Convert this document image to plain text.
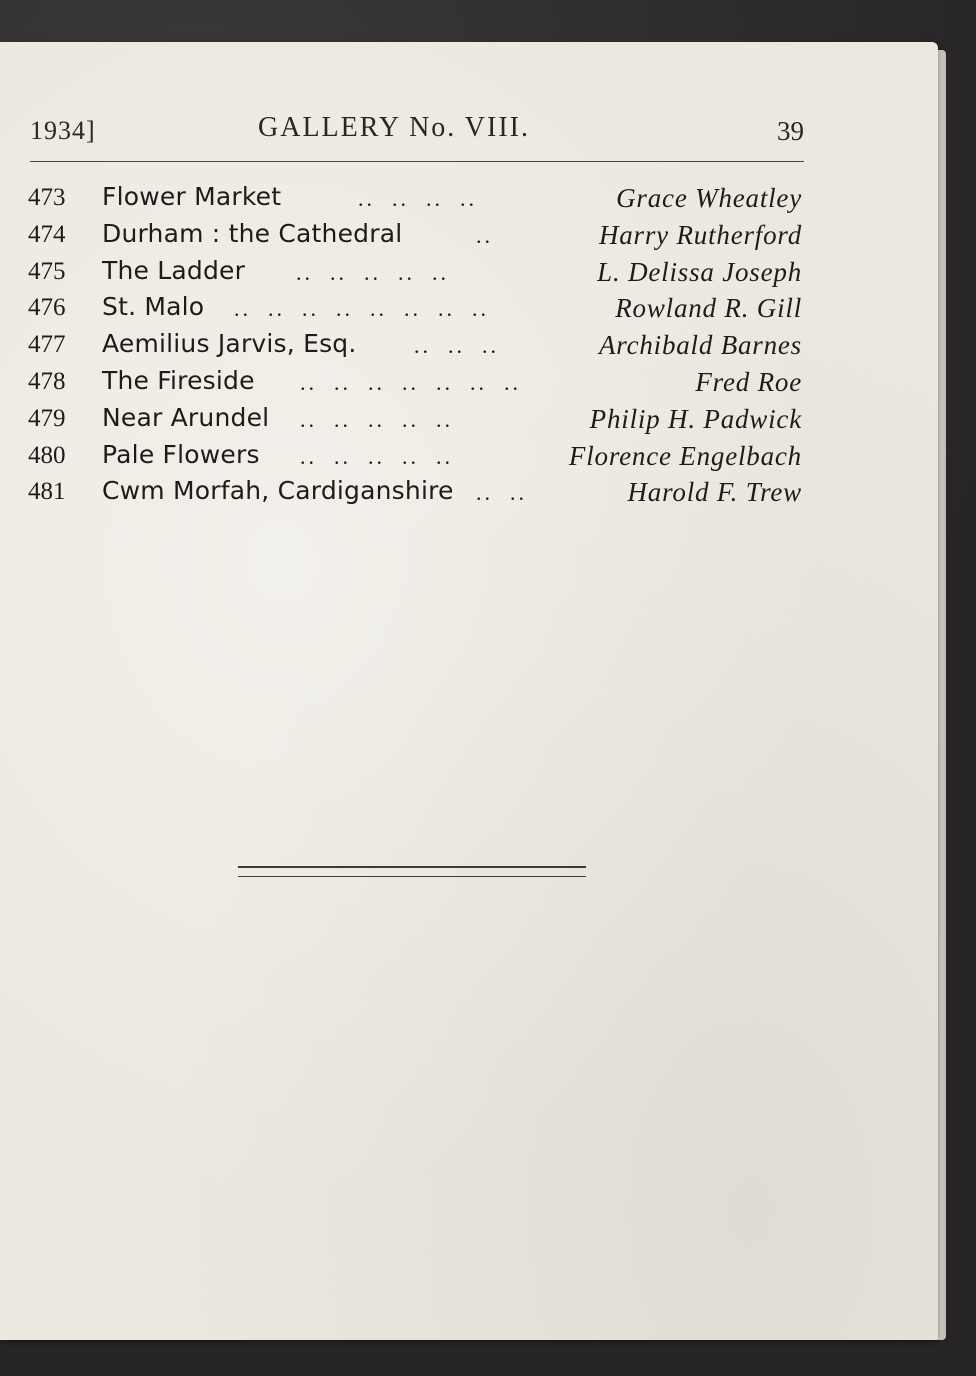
1934]	GALLERY No. VIII.	39
473 Flower Market	..  ..  ..  ..	Grace Wheatley
474 Durham : the Cathedral	..	Harry Rutherford
475 The Ladder ..  ..  ..  ..  ..	L. Delissa Joseph
476 St. Malo ..  ..  ..  ..  ..  ..  ..  ..	Rowland R. Gill
477 Aemilius Jarvis, Esq.	..  ..  ..	Archibald Barnes
478 The Fireside ..  ..  ..  ..  ..  ..  ..	Fred Roe
479 Near Arundel ..  ..  ..  ..  ..	Philip H. Padwick
480 Pale Flowers ..  ..  ..  ..  ..	Florence Engelbach
481 Cwm Morfah, Cardiganshire ..  ..	Harold F. Trew
